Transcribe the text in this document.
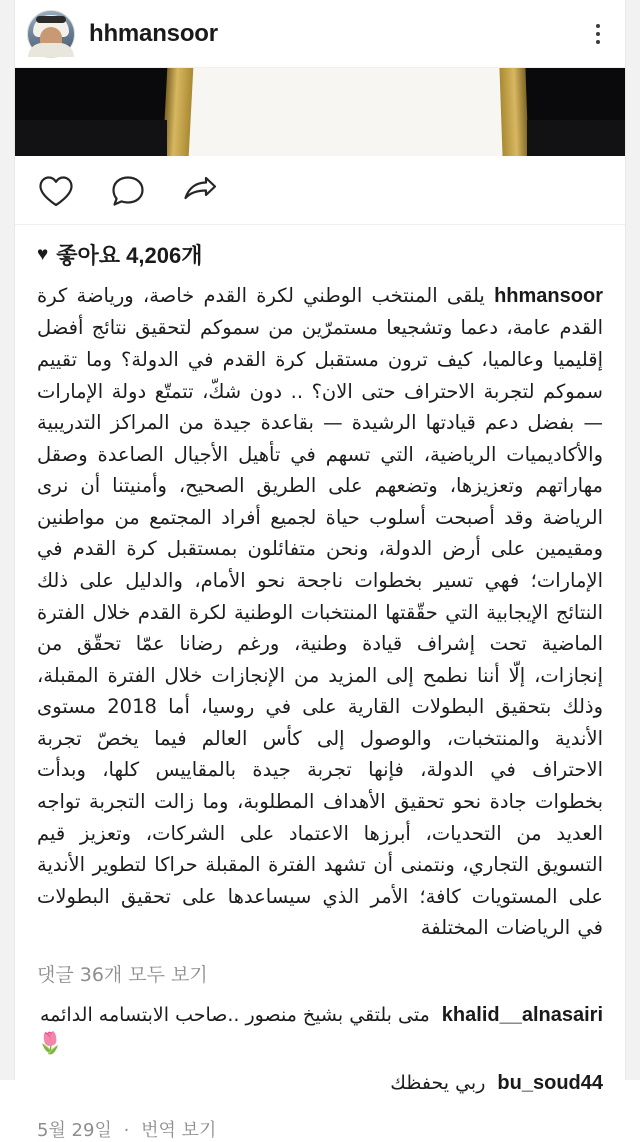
hhmansoor
♥ 좋아요 4,206개
hhmansoor يلقى المنتخب الوطني لكرة القدم خاصة، ورياضة كرة القدم عامة، دعما وتشجيعا مستمرّين من سموكم لتحقيق نتائج أفضل إقليميا وعالميا، كيف ترون مستقبل كرة القدم في الدولة؟ وما تقييم سموكم لتجربة الاحتراف حتى الان؟ .. دون شكّ، تتمتّع دولة الإمارات — بفضل دعم قيادتها الرشيدة — بقاعدة جيدة من المراكز التدريبية والأكاديميات الرياضية، التي تسهم في تأهيل الأجيال الصاعدة وصقل مهاراتهم وتعزيزها، وتضعهم على الطريق الصحيح، وأمنيتنا أن نرى الرياضة وقد أصبحت أسلوب حياة لجميع أفراد المجتمع من مواطنين ومقيمين على أرض الدولة، ونحن متفائلون بمستقبل كرة القدم في الإمارات؛ فهي تسير بخطوات ناجحة نحو الأمام، والدليل على ذلك النتائج الإيجابية التي حقّقتها المنتخبات الوطنية لكرة القدم خلال الفترة الماضية تحت إشراف قيادة وطنية، ورغم رضانا عمّا تحقّق من إنجازات، إلّا أننا نطمح إلى المزيد من الإنجازات خلال الفترة المقبلة، وذلك بتحقيق البطولات القارية على في روسيا، أما 2018 مستوى الأندية والمنتخبات، والوصول إلى كأس العالم فيما يخصّ تجربة الاحتراف في الدولة، فإنها تجربة جيدة بالمقاييس كلها، وبدأت بخطوات جادة نحو تحقيق الأهداف المطلوبة، وما زالت التجربة تواجه العديد من التحديات، أبرزها الاعتماد على الشركات، وتعزيز قيم التسويق التجاري، ونتمنى أن تشهد الفترة المقبلة حراكا لتطوير الأندية على المستويات كافة؛ الأمر الذي سيساعدها على تحقيق البطولات في الرياضات المختلفة
댓글 36개 모두 보기
khalid__alnasairi متى بلتقي بشيخ منصور ..صاحب الابتسامه الدائمه
🌷
bu_soud44 ربي يحفظك
5월 29일 · 번역 보기
